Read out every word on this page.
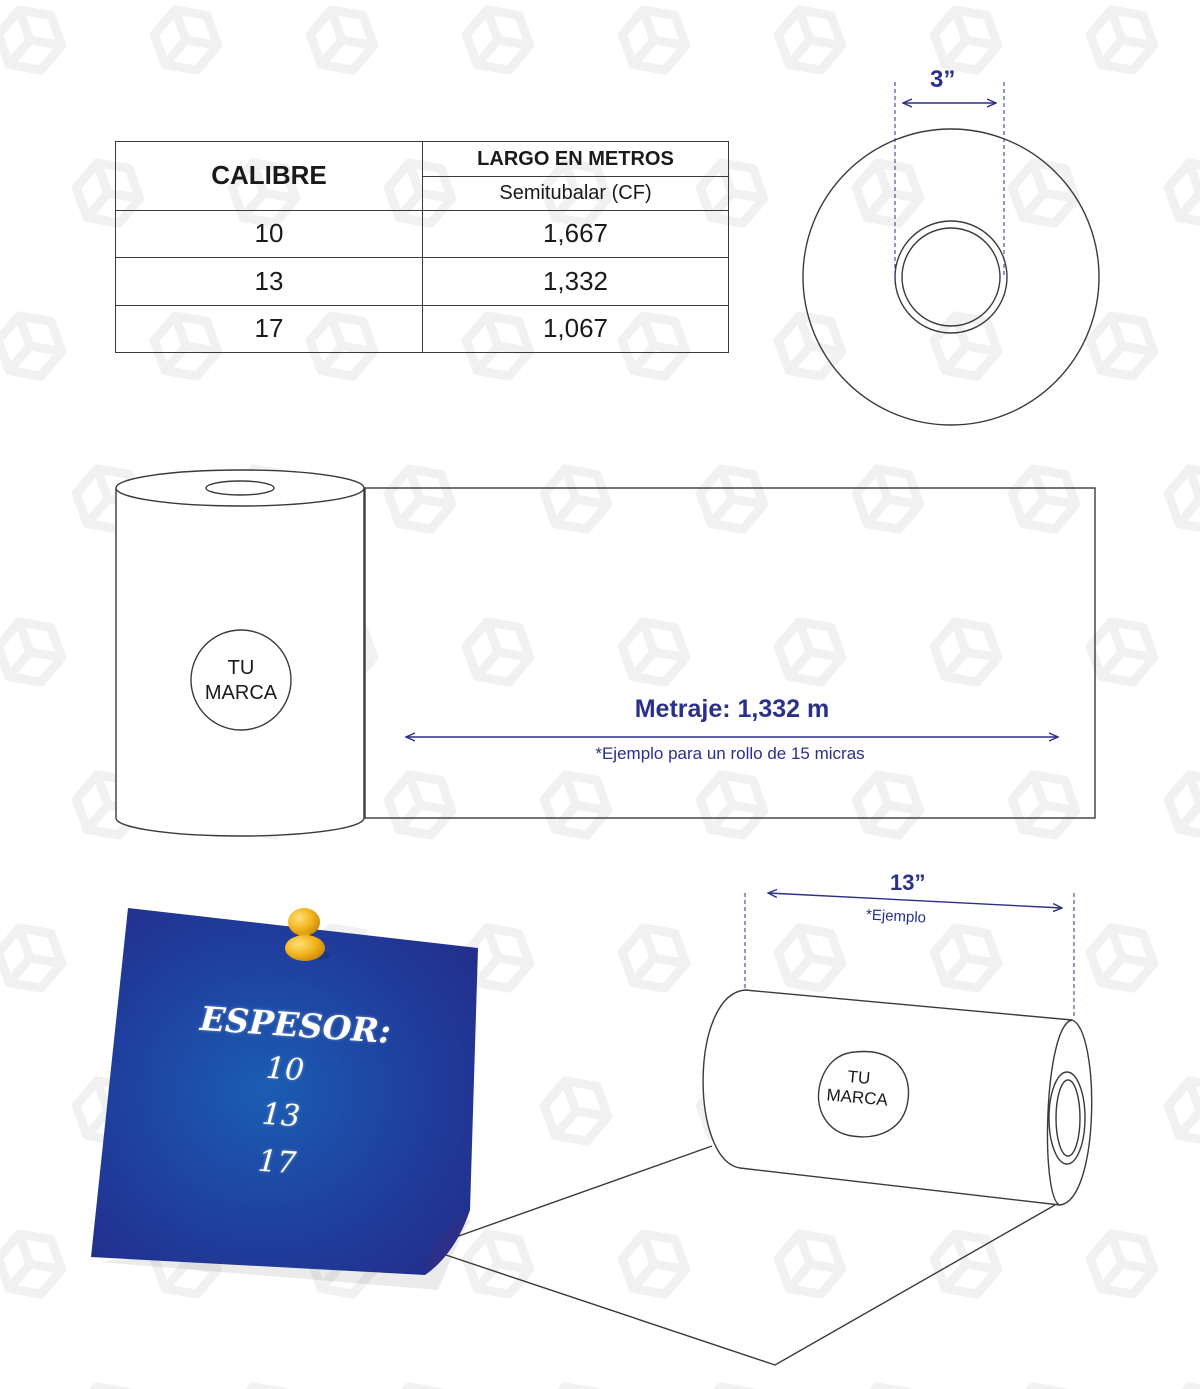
CALIBRE	LARGO EN METROS
	Semitubalar (CF)
10	1,667
13	1,332
17	1,067
3”
TU
MARCA
Metraje: 1,332 m
*Ejemplo para un rollo de 15 micras
13”
*Ejemplo
TU
MARCA
ESPESOR:
10
13
17
